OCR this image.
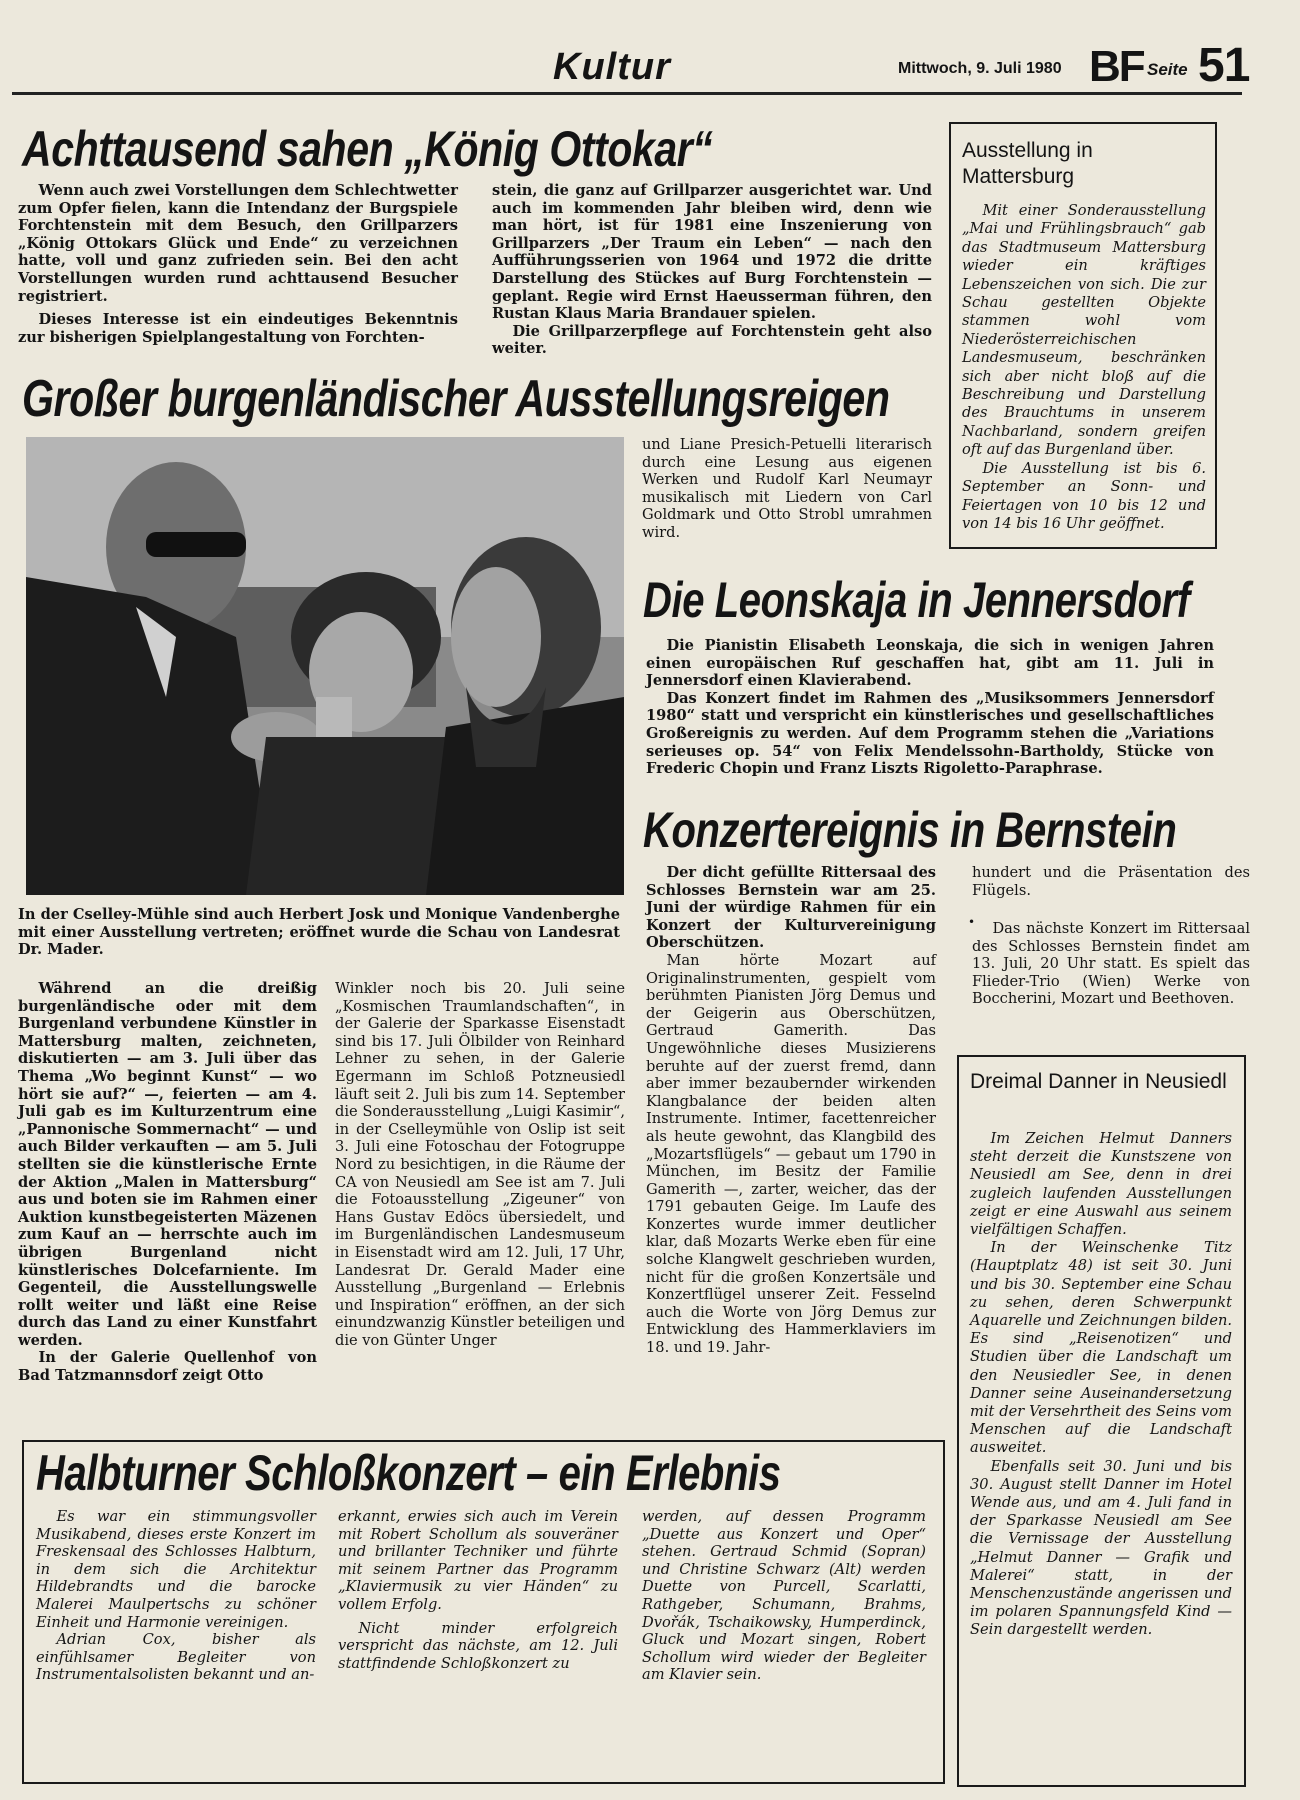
Kultur	Mittwoch, 9. Juli 1980 BF Seite 51
Achttausend sahen „König Ottokar“

Wenn auch zwei Vorstellungen dem Schlechtwetter zum Opfer fielen, kann die Intendanz der Burgspiele Forchtenstein mit dem Besuch, den Grillparzers „König Ottokars Glück und Ende“ zu verzeichnen hatte, voll und ganz zufrieden sein. Bei den acht Vorstellungen wurden rund achttausend Besucher registriert.

Dieses Interesse ist ein eindeutiges Bekenntnis zur bisherigen Spielplangestaltung von Forchten-

stein, die ganz auf Grillparzer ausgerichtet war. Und auch im kommenden Jahr bleiben wird, denn wie man hört, ist für 1981 eine Inszenierung von Grillparzers „Der Traum ein Leben“ — nach den Aufführungsserien von 1964 und 1972 die dritte Darstellung des Stückes auf Burg Forchtenstein — geplant. Regie wird Ernst Haeusserman führen, den Rustan Klaus Maria Brandauer spielen.

Die Grillparzerpflege auf Forchtenstein geht also weiter.

Ausstellung in Mattersburg

Mit einer Sonderausstellung „Mai und Frühlingsbrauch“ gab das Stadtmuseum Mattersburg wieder ein kräftiges Lebenszeichen von sich. Die zur Schau gestellten Objekte stammen wohl vom Niederösterreichischen Landesmuseum, beschränken sich aber nicht bloß auf die Beschreibung und Darstellung des Brauchtums in unserem Nachbarland, sondern greifen oft auf das Burgenland über.

Die Ausstellung ist bis 6. September an Sonn- und Feiertagen von 10 bis 12 und von 14 bis 16 Uhr geöffnet.

Großer burgenländischer Ausstellungsreigen

und Liane Presich-Petuelli literarisch durch eine Lesung aus eigenen Werken und Rudolf Karl Neumayr musikalisch mit Liedern von Carl Goldmark und Otto Strobl umrahmen wird.

In der Cselley-Mühle sind auch Herbert Josk und Monique Vandenberghe mit einer Ausstellung vertreten; eröffnet wurde die Schau von Landesrat Dr. Mader.

Während an die dreißig burgenländische oder mit dem Burgenland verbundene Künstler in Mattersburg malten, zeichneten, diskutierten — am 3. Juli über das Thema „Wo beginnt Kunst“ — wo hört sie auf?“ —, feierten — am 4. Juli gab es im Kulturzentrum eine „Pannonische Sommernacht“ — und auch Bilder verkauften — am 5. Juli stellten sie die künstlerische Ernte der Aktion „Malen in Mattersburg“ aus und boten sie im Rahmen einer Auktion kunstbegeisterten Mäzenen zum Kauf an — herrschte auch im übrigen Burgenland nicht künstlerisches Dolcefarniente. Im Gegenteil, die Ausstellungswelle rollt weiter und läßt eine Reise durch das Land zu einer Kunstfahrt werden.

In der Galerie Quellenhof von Bad Tatzmannsdorf zeigt Otto

Winkler noch bis 20. Juli seine „Kosmischen Traumlandschaften“, in der Galerie der Sparkasse Eisenstadt sind bis 17. Juli Ölbilder von Reinhard Lehner zu sehen, in der Galerie Egermann im Schloß Potzneusiedl läuft seit 2. Juli bis zum 14. September die Sonderausstellung „Luigi Kasimir“, in der Cselleymühle von Oslip ist seit 3. Juli eine Fotoschau der Fotogruppe Nord zu besichtigen, in die Räume der CA von Neusiedl am See ist am 7. Juli die Fotoausstellung „Zigeuner“ von Hans Gustav Edöcs übersiedelt, und im Burgenländischen Landesmuseum in Eisenstadt wird am 12. Juli, 17 Uhr, Landesrat Dr. Gerald Mader eine Ausstellung „Burgenland — Erlebnis und Inspiration“ eröffnen, an der sich einundzwanzig Künstler beteiligen und die von Günter Unger

Die Leonskaja in Jennersdorf

Die Pianistin Elisabeth Leonskaja, die sich in wenigen Jahren einen europäischen Ruf geschaffen hat, gibt am 11. Juli in Jennersdorf einen Klavierabend.

Das Konzert findet im Rahmen des „Musiksommers Jennersdorf 1980“ statt und verspricht ein künstlerisches und gesellschaftliches Großereignis zu werden. Auf dem Programm stehen die „Variations serieuses op. 54“ von Felix Mendelssohn-Bartholdy, Stücke von Frederic Chopin und Franz Liszts Rigoletto-Paraphrase.

Konzertereignis in Bernstein

Der dicht gefüllte Rittersaal des Schlosses Bernstein war am 25. Juni der würdige Rahmen für ein Konzert der Kulturvereinigung Oberschützen.

Man hörte Mozart auf Originalinstrumenten, gespielt vom berühmten Pianisten Jörg Demus und der Geigerin aus Oberschützen, Gertraud Gamerith. Das Ungewöhnliche dieses Musizierens beruhte auf der zuerst fremd, dann aber immer bezaubernder wirkenden Klangbalance der beiden alten Instrumente. Intimer, facettenreicher als heute gewohnt, das Klangbild des „Mozartsflügels“ — gebaut um 1790 in München, im Besitz der Familie Gamerith —, zarter, weicher, das der 1791 gebauten Geige. Im Laufe des Konzertes wurde immer deutlicher klar, daß Mozarts Werke eben für eine solche Klangwelt geschrieben wurden, nicht für die großen Konzertsäle und Konzertflügel unserer Zeit. Fesselnd auch die Worte von Jörg Demus zur Entwicklung des Hammerklaviers im 18. und 19. Jahr-

hundert und die Präsentation des Flügels.

•	Das nächste Konzert im Rittersaal des Schlosses Bernstein findet am 13. Juli, 20 Uhr statt. Es spielt das Flieder-Trio (Wien) Werke von Boccherini, Mozart und Beethoven.

Dreimal Danner in Neusiedl

Im Zeichen Helmut Danners steht derzeit die Kunstszene von Neusiedl am See, denn in drei zugleich laufenden Ausstellungen zeigt er eine Auswahl aus seinem vielfältigen Schaffen.

In der Weinschenke Titz (Hauptplatz 48) ist seit 30. Juni und bis 30. September eine Schau zu sehen, deren Schwerpunkt Aquarelle und Zeichnungen bilden. Es sind „Reisenotizen“ und Studien über die Landschaft um den Neusiedler See, in denen Danner seine Auseinandersetzung mit der Versehrtheit des Seins vom Menschen auf die Landschaft ausweitet.

Ebenfalls seit 30. Juni und bis 30. August stellt Danner im Hotel Wende aus, und am 4. Juli fand in der Sparkasse Neusiedl am See die Vernissage der Ausstellung „Helmut Danner — Grafik und Malerei“ statt, in der Menschenzustände angerissen und im polaren Spannungsfeld Kind — Sein dargestellt werden.

Halbturner Schloßkonzert – ein Erlebnis

Es war ein stimmungsvoller Musikabend, dieses erste Konzert im Freskensaal des Schlosses Halbturn, in dem sich die Architektur Hildebrandts und die barocke Malerei Maulpertschs zu schöner Einheit und Harmonie vereinigen.

Adrian Cox, bisher als einfühlsamer Begleiter von Instrumentalsolisten bekannt und an-

erkannt, erwies sich auch im Verein mit Robert Schollum als souveräner und brillanter Techniker und führte mit seinem Partner das Programm „Klaviermusik zu vier Händen“ zu vollem Erfolg.

Nicht minder erfolgreich verspricht das nächste, am 12. Juli stattfindende Schloßkonzert zu

werden, auf dessen Programm „Duette aus Konzert und Oper“ stehen. Gertraud Schmid (Sopran) und Christine Schwarz (Alt) werden Duette von Purcell, Scarlatti, Rathgeber, Schumann, Brahms, Dvořák, Tschaikowsky, Humperdinck, Gluck und Mozart singen, Robert Schollum wird wieder der Begleiter am Klavier sein.
